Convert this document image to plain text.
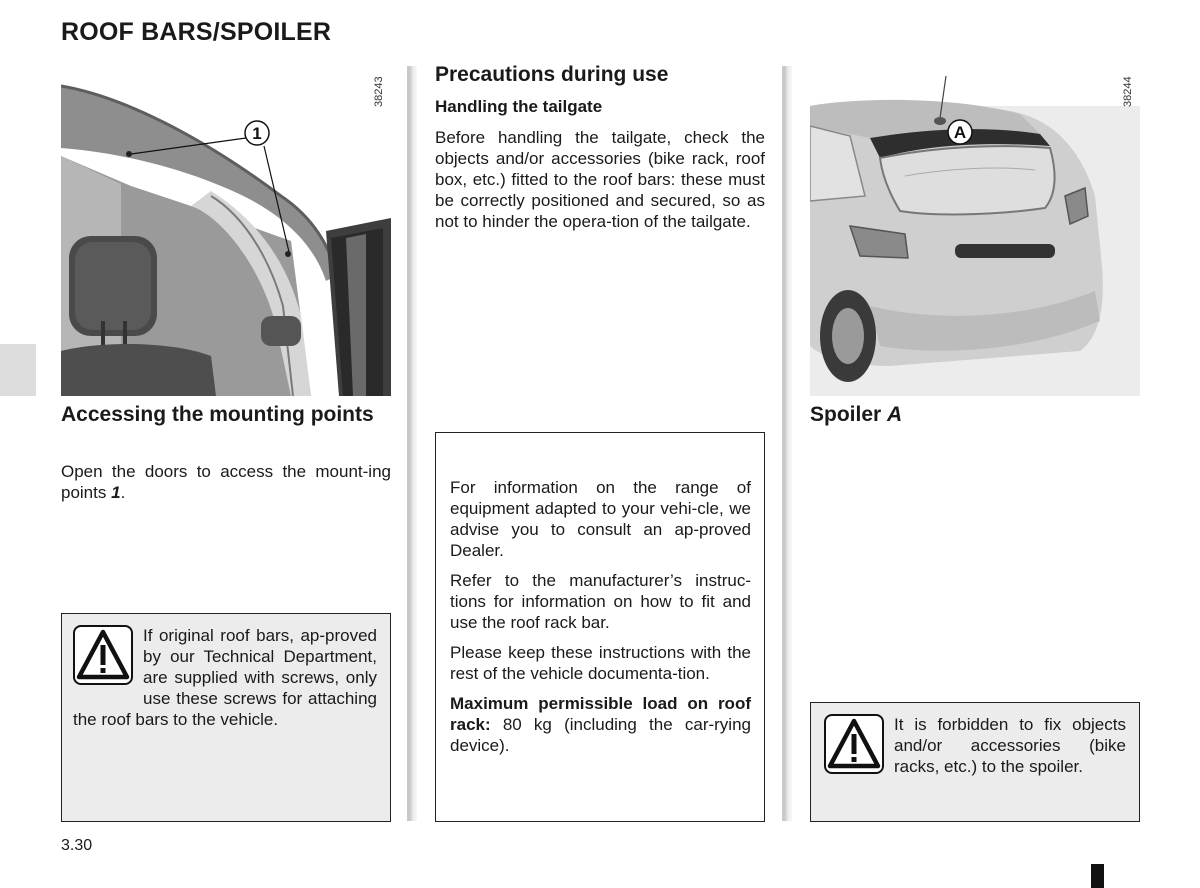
ROOF BARS/SPOILER
1
38243
Accessing the mounting points

Open the doors to access the mount-ing points 1.

If original roof bars, ap-proved by our Technical Department, are supplied with screws, only use these screws for attaching the roof bars to the vehicle.

Precautions during use
Handling the tailgate

Before handling the tailgate, check the objects and/or accessories (bike rack, roof box, etc.) fitted to the roof bars: these must be correctly positioned and secured, so as not to hinder the opera-tion of the tailgate.

For information on the range of equipment adapted to your vehi-cle, we advise you to consult an ap-proved Dealer.

Refer to the manufacturer’s instruc-tions for information on how to fit and use the roof rack bar.

Please keep these instructions with the rest of the vehicle documenta-tion.

Maximum permissible load on roof rack: 80 kg (including the car-rying device).

A
38244
Spoiler A

It is forbidden to fix objects and/or accessories (bike racks, etc.) to the spoiler.

3.30
